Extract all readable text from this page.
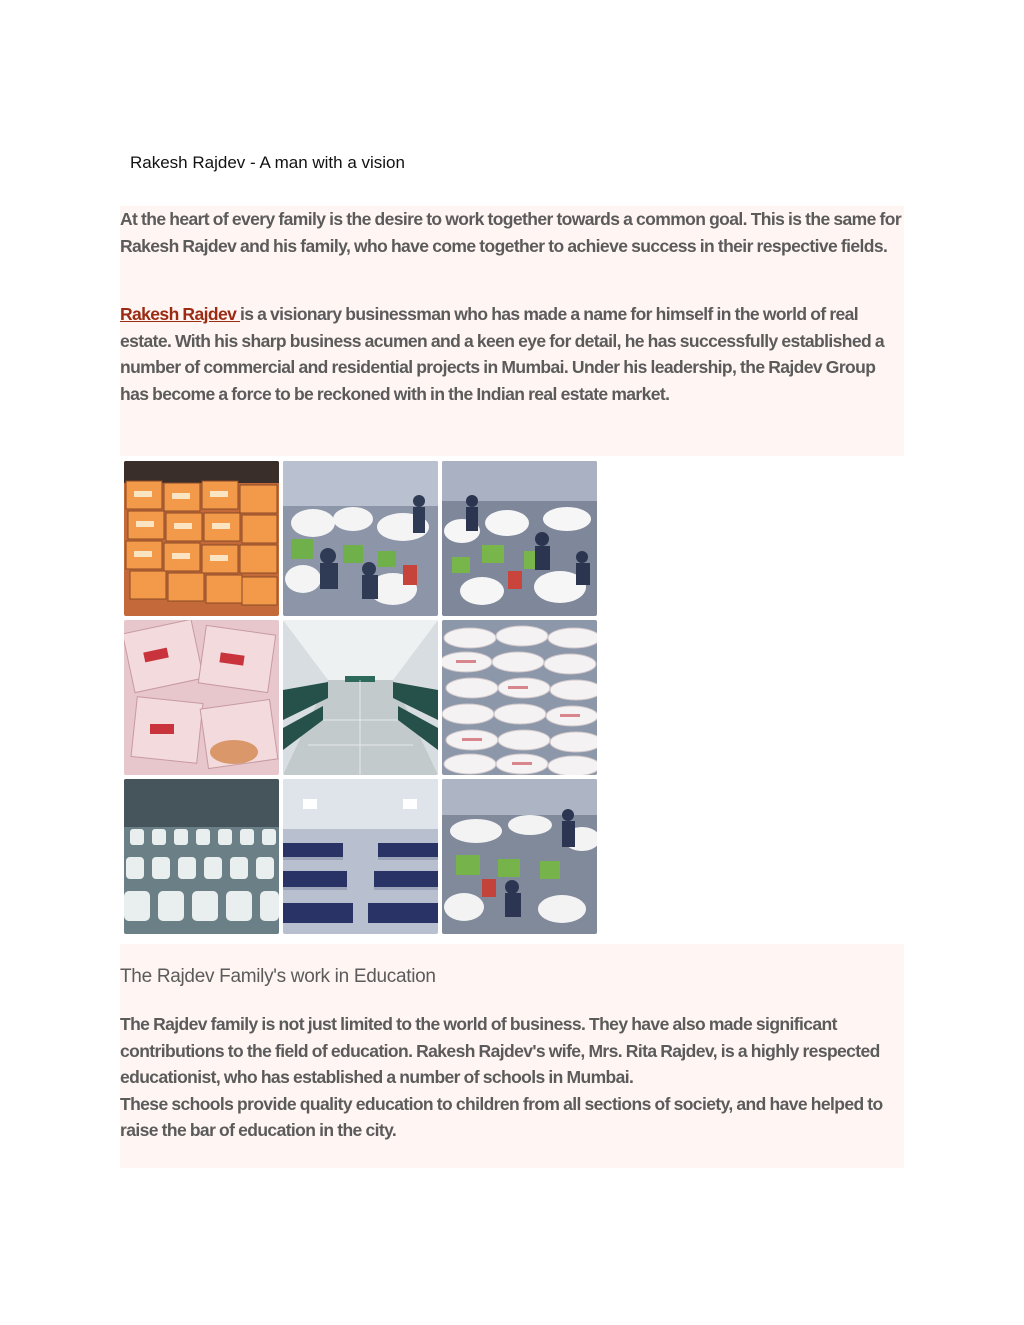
Rakesh Rajdev - A man with a vision

At the heart of every family is the desire to work together towards a common goal. This is the same for Rakesh Rajdev and his family, who have come together to achieve success in their respective fields.

Rakesh Rajdev is a visionary businessman who has made a name for himself in the world of real estate. With his sharp business acumen and a keen eye for detail, he has successfully established a number of commercial and residential projects in Mumbai. Under his leadership, the Rajdev Group has become a force to be reckoned with in the Indian real estate market.

The Rajdev Family's work in Education

The Rajdev family is not just limited to the world of business. They have also made significant contributions to the field of education. Rakesh Rajdev's wife, Mrs. Rita Rajdev, is a highly respected educationist, who has established a number of schools in Mumbai.
These schools provide quality education to children from all sections of society, and have helped to raise the bar of education in the city.
